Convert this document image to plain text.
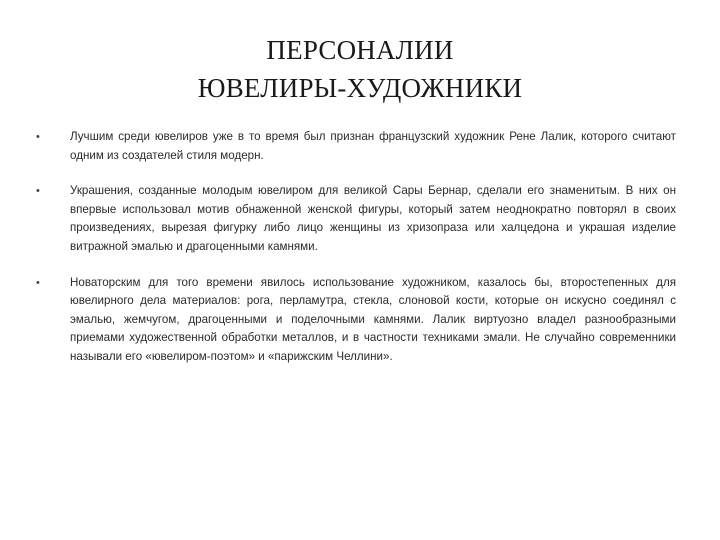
ПЕРСОНАЛИИ
ЮВЕЛИРЫ-ХУДОЖНИКИ
•	Лучшим среди ювелиров уже в то время был признан французский художник Рене Лалик, которого считают одним из создателей стиля модерн.
•	Украшения, созданные молодым ювелиром для великой Сары Бернар, сделали его знаменитым. В них он впервые использовал мотив обнаженной женской фигуры, который затем неоднократно повторял в своих произведениях, вырезая фигурку либо лицо женщины из хризопраза или халцедона и украшая изделие витражной эмалью и драгоценными камнями.
•	Новаторским для того времени явилось использование художником, казалось бы, второстепенных для ювелирного дела материалов: рога, перламутра, стекла, слоновой кости, которые он искусно соединял с эмалью, жемчугом, драгоценными и поделочными камнями. Лалик виртуозно владел разнообразными приемами художественной обработки металлов, и в частности техниками эмали. Не случайно современники называли его «ювелиром-поэтом» и «парижским Челлини».
